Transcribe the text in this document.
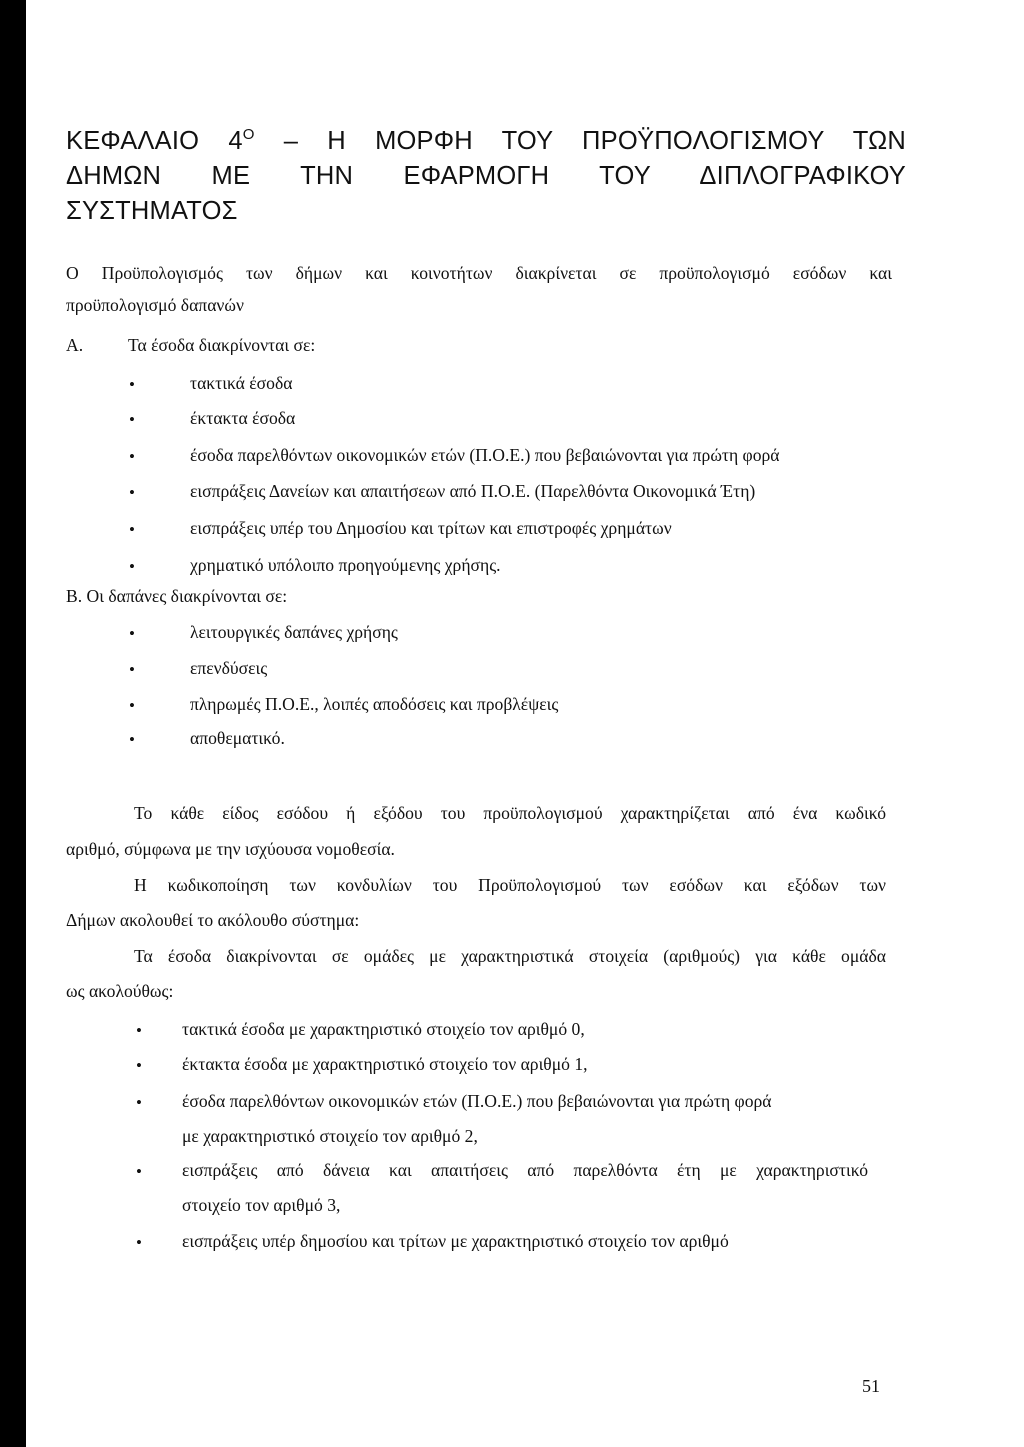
ΚΕΦΑΛΑΙΟ $4^O$ – Η ΜΟΡΦΗ ΤΟΥ ΠΡΟΫΠΟΛΟΓΙΣΜΟΥ ΤΩΝ
ΔΗΜΩΝ ΜΕ ΤΗΝ ΕΦΑΡΜΟΓΗ ΤΟΥ ΔΙΠΛΟΓΡΑΦΙΚΟΥ
ΣΥΣΤΗΜΑΤΟΣ
Ο Προϋπολογισμός των δήμων και κοινοτήτων διακρίνεται σε προϋπολογισμό εσόδων και
προϋπολογισμό δαπανών
Α.	Τα έσοδα διακρίνονται σε:
•
τακτικά έσοδα
•
έκτακτα έσοδα
•
έσοδα παρελθόντων οικονομικών ετών (Π.Ο.Ε.) που βεβαιώνονται για πρώτη φορά
•
εισπράξεις Δανείων και απαιτήσεων από Π.Ο.Ε. (Παρελθόντα Οικονομικά Έτη)
•
εισπράξεις υπέρ του Δημοσίου και τρίτων και επιστροφές χρημάτων
•
χρηματικό υπόλοιπο προηγούμενης χρήσης.
Β. Οι δαπάνες διακρίνονται σε:
•
λειτουργικές δαπάνες χρήσης
•
επενδύσεις
•
πληρωμές Π.Ο.Ε., λοιπές αποδόσεις και προβλέψεις
•
αποθεματικό.
Το κάθε είδος εσόδου ή εξόδου του προϋπολογισμού χαρακτηρίζεται από ένα κωδικό
αριθμό, σύμφωνα με την ισχύουσα νομοθεσία.
Η κωδικοποίηση των κονδυλίων του Προϋπολογισμού των εσόδων και εξόδων των
Δήμων ακολουθεί το ακόλουθο σύστημα:
Τα έσοδα διακρίνονται σε ομάδες με χαρακτηριστικά στοιχεία (αριθμούς) για κάθε ομάδα
ως ακολούθως:
•
τακτικά έσοδα με χαρακτηριστικό στοιχείο τον αριθμό 0,
•
έκτακτα έσοδα με χαρακτηριστικό στοιχείο τον αριθμό 1,
•
έσοδα παρελθόντων οικονομικών ετών (Π.Ο.Ε.) που βεβαιώνονται για πρώτη φορά
με χαρακτηριστικό στοιχείο τον αριθμό 2,
•
εισπράξεις από δάνεια και απαιτήσεις από παρελθόντα έτη με χαρακτηριστικό
στοιχείο τον αριθμό 3,
•
εισπράξεις υπέρ δημοσίου και τρίτων με χαρακτηριστικό στοιχείο τον αριθμό
51
